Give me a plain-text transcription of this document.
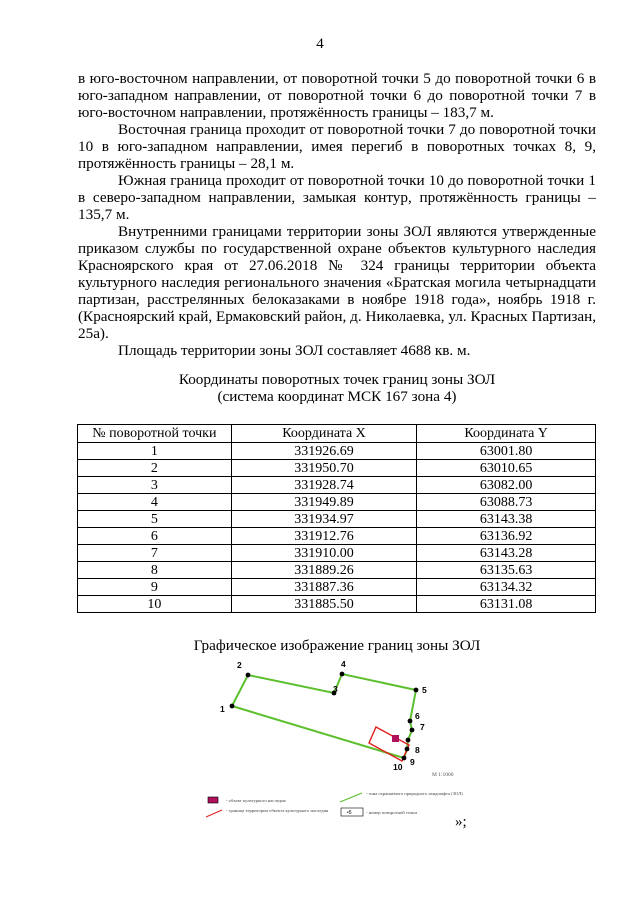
4

в юго-восточном направлении, от поворотной точки 5 до поворотной точки 6 в юго-западном направлении, от поворотной точки 6 до поворотной точки 7 в юго-восточном направлении, протяжённость границы – 183,7 м.

Восточная граница проходит от поворотной точки 7 до поворотной точки 10 в юго-западном направлении, имея перегиб в поворотных точках 8, 9, протяжённость границы – 28,1 м.

Южная граница проходит от поворотной точки 10 до поворотной точки 1 в северо-западном направлении, замыкая контур, протяжённость границы – 135,7 м.

Внутренними границами территории зоны ЗОЛ являются утвержденные приказом службы по государственной охране объектов культурного наследия Красноярского края от 27.06.2018 № 324 границы территории объекта культурного наследия регионального значения «Братская могила четырнадцати партизан, расстрелянных белоказаками в ноябре 1918 года», ноябрь 1918 г. (Красноярский край, Ермаковский район, д. Николаевка, ул. Красных Партизан, 25а).

Площадь территории зоны ЗОЛ составляет 4688 кв. м.

Координаты поворотных точек границ зоны ЗОЛ
(система координат МСК 167 зона 4)
№ поворотной точки	Координата X	Координата Y
1	331926.69	63001.80
2	331950.70	63010.65
3	331928.74	63082.00
4	331949.89	63088.73
5	331934.97	63143.38
6	331912.76	63136.92
7	331910.00	63143.28
8	331889.26	63135.63
9	331887.36	63134.32
10	331885.50	63131.08
Графическое изображение границ зоны ЗОЛ
1
2
3
4
5
6
7
8
9
10
М 1:1000
- объект культурного наследия
- граница территории объекта культурного наследия
- зона охраняемого природного ландшафта (ЗОЛ)
•5	- номер поворотной точки
»;
